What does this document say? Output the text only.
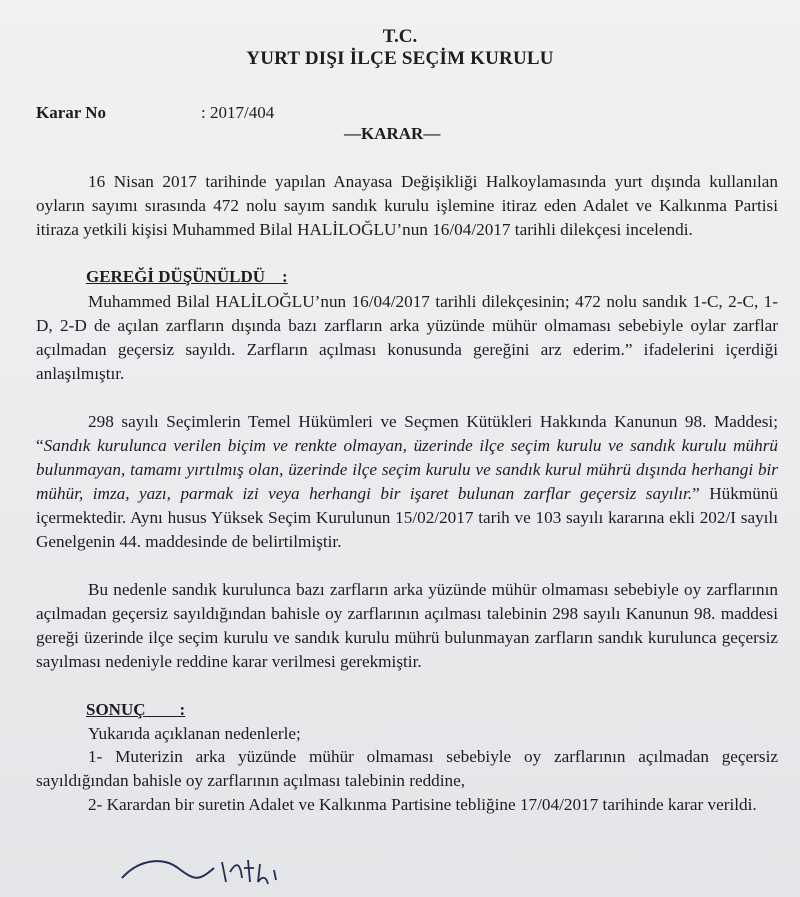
T.C.
YURT DIŞI İLÇE SEÇİM KURULU
Karar No	: 2017/404
—KARAR—
16 Nisan 2017 tarihinde yapılan Anayasa Değişikliği Halkoylamasında yurt dışında kullanılan oyların sayımı sırasında 472 nolu sayım sandık kurulu işlemine itiraz eden Adalet ve Kalkınma Partisi itiraza yetkili kişisi Muhammed Bilal HALİLOĞLU’nun 16/04/2017 tarihli dilekçesi incelendi.
GEREĞİ DÜŞÜNÜLDÜ    :
Muhammed Bilal HALİLOĞLU’nun 16/04/2017 tarihli dilekçesinin; 472 nolu sandık 1-C, 2-C, 1-D, 2-D de açılan zarfların dışında bazı zarfların arka yüzünde mühür olmaması sebebiyle oylar zarflar açılmadan geçersiz sayıldı. Zarfların açılması konusunda gereğini arz ederim.” ifadelerini içerdiği anlaşılmıştır.
298 sayılı Seçimlerin Temel Hükümleri ve Seçmen Kütükleri Hakkında Kanunun 98. Maddesi; “Sandık kurulunca verilen biçim ve renkte olmayan, üzerinde ilçe seçim kurulu ve sandık kurulu mührü bulunmayan, tamamı yırtılmış olan, üzerinde ilçe seçim kurulu ve sandık kurul mührü dışında herhangi bir mühür, imza, yazı, parmak izi veya herhangi bir işaret bulunan zarflar geçersiz sayılır.” Hükmünü içermektedir. Aynı husus Yüksek Seçim Kurulunun 15/02/2017 tarih ve 103 sayılı kararına ekli 202/I sayılı Genelgenin 44. maddesinde de belirtilmiştir.
Bu nedenle sandık kurulunca bazı zarfların arka yüzünde mühür olmaması sebebiyle oy zarflarının açılmadan geçersiz sayıldığından bahisle oy zarflarının açılması talebinin 298 sayılı Kanunun 98. maddesi gereği üzerinde ilçe seçim kurulu ve sandık kurulu mührü bulunmayan zarfların sandık kurulunca geçersiz sayılması nedeniyle reddine karar verilmesi gerekmiştir.
SONUÇ        :
Yukarıda açıklanan nedenlerle;
1- Muterizin arka yüzünde mühür olmaması sebebiyle oy zarflarının açılmadan geçersiz sayıldığından bahisle oy zarflarının açılması talebinin reddine,
2- Karardan bir suretin Adalet ve Kalkınma Partisine tebliğine 17/04/2017 tarihinde karar verildi.
